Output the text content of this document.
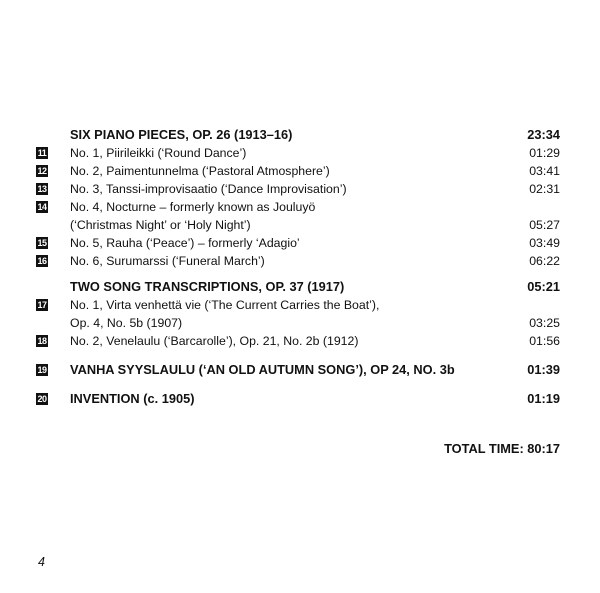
SIX PIANO PIECES, OP. 26 (1913–16)	23:34
11 No. 1, Piirileikki (‘Round Dance’)	01:29
12 No. 2, Paimentunnelma (‘Pastoral Atmosphere’)	03:41
13 No. 3, Tanssi-improvisaatio (‘Dance Improvisation’)	02:31
14 No. 4, Nocturne – formerly known as Jouluyö
(‘Christmas Night’ or ‘Holy Night’)	05:27
15 No. 5, Rauha (‘Peace’) – formerly ‘Adagio’	03:49
16 No. 6, Surumarssi (‘Funeral March’)	06:22
TWO SONG TRANSCRIPTIONS, OP. 37 (1917)	05:21
17 No. 1, Virta venhettä vie (‘The Current Carries the Boat’),
Op. 4, No. 5b (1907)	03:25
18 No. 2, Venelaulu (‘Barcarolle’), Op. 21, No. 2b (1912)	01:56
19 VANHA SYYSLAULU (‘AN OLD AUTUMN SONG’), OP 24, NO. 3b	01:39
20 INVENTION (c. 1905)	01:19
TOTAL TIME: 80:17
4
